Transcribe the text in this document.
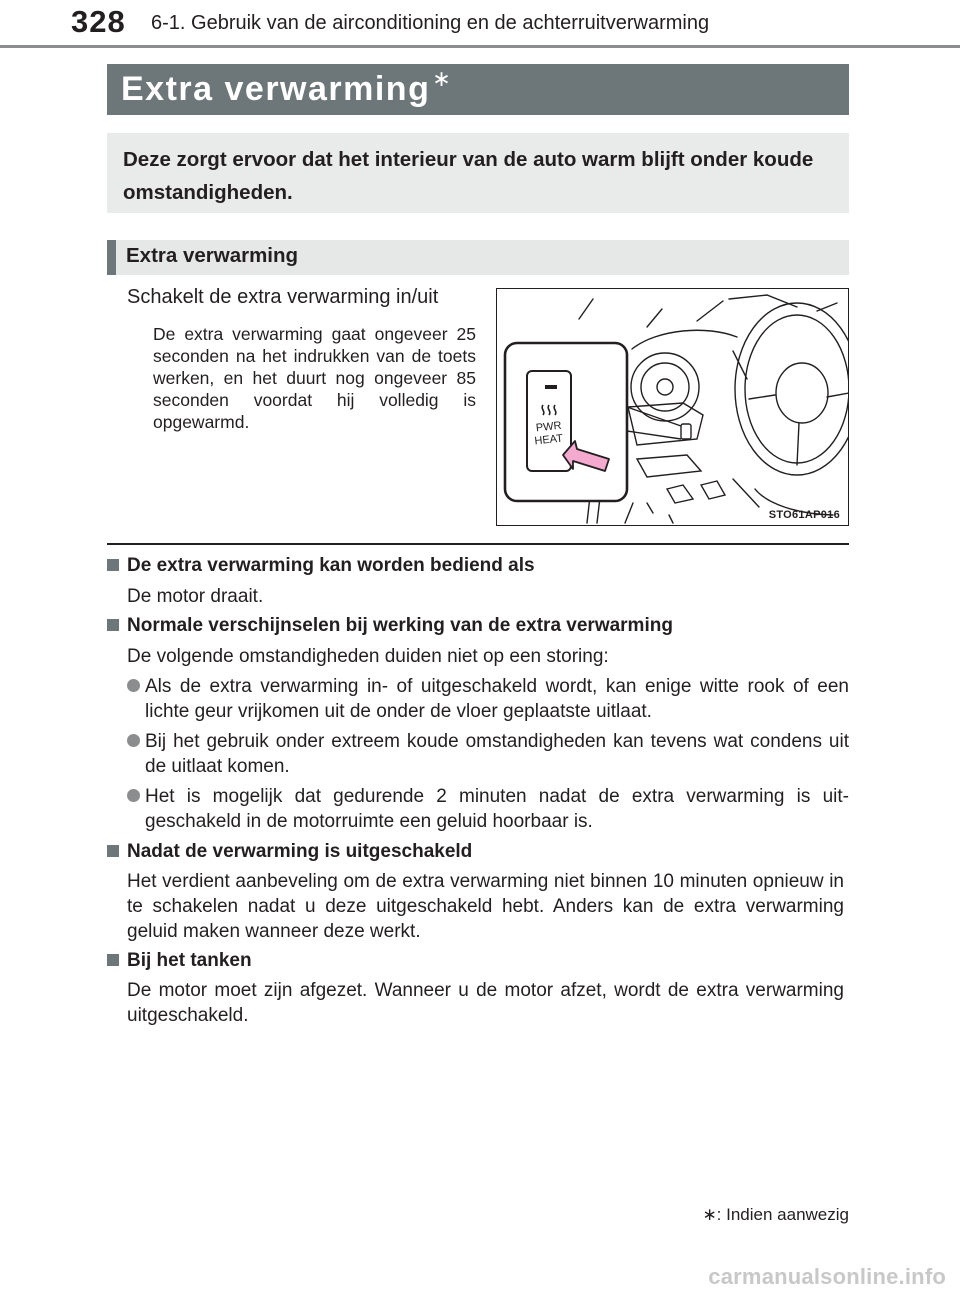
328 6-1. Gebruik van de airconditioning en de achterruitverwarming
Extra verwarming∗
Deze zorgt ervoor dat het interieur van de auto warm blijft onder koude omstandigheden.
Extra verwarming
Schakelt de extra verwarming in/uit
De extra verwarming gaat ongeveer 25 seconden na het indrukken van de toets werken, en het duurt nog ongeveer 85 seconden voordat hij volledig is opgewarmd.	PWR
HEAT
STO61AP016
De extra verwarming kan worden bediend als
De motor draait.
Normale verschijnselen bij werking van de extra verwarming
De volgende omstandigheden duiden niet op een storing:
Als de extra verwarming in- of uitgeschakeld wordt, kan enige witte rook of een lichte geur vrijkomen uit de onder de vloer geplaatste uitlaat.
Bij het gebruik onder extreem koude omstandigheden kan tevens wat condens uit de uitlaat komen.
Het is mogelijk dat gedurende 2 minuten nadat de extra verwarming is uitgeschakeld in de motorruimte een geluid hoorbaar is.
Nadat de verwarming is uitgeschakeld
Het verdient aanbeveling om de extra verwarming niet binnen 10 minuten opnieuw in te schakelen nadat u deze uitgeschakeld hebt. Anders kan de extra verwarming geluid maken wanneer deze werkt.
Bij het tanken
De motor moet zijn afgezet. Wanneer u de motor afzet, wordt de extra verwarming uitgeschakeld.
∗: Indien aanwezig
carmanualsonline.info
